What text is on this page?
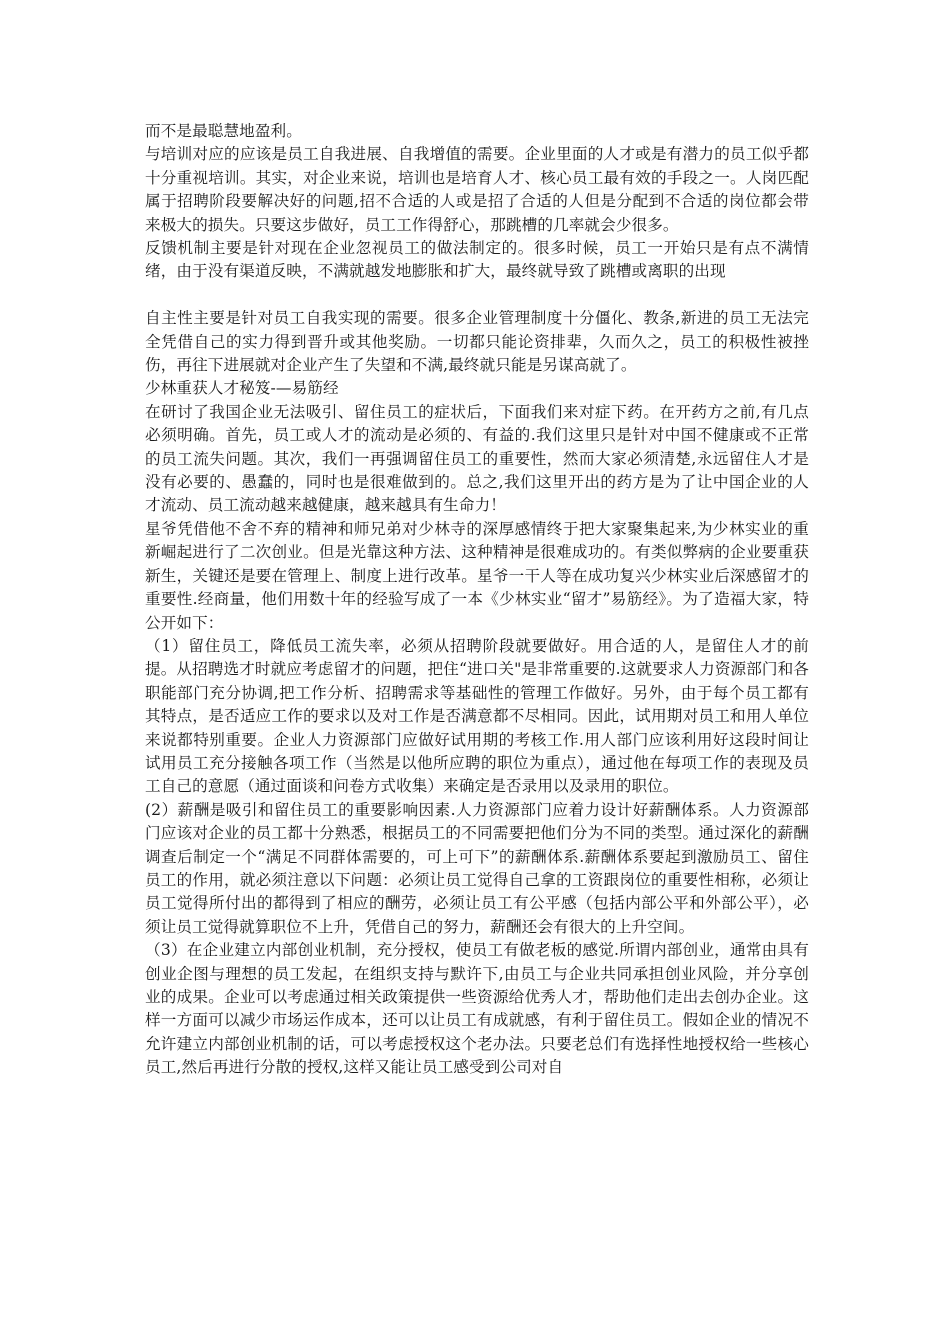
而不是最聪慧地盈利。

与培训对应的应该是员工自我进展、自我增值的需要。企业里面的人才或是有潜力的员工似乎都十分重视培训。其实，对企业来说，培训也是培育人才、核心员工最有效的手段之一。人岗匹配属于招聘阶段要解决好的问题,招不合适的人或是招了合适的人但是分配到不合适的岗位都会带来极大的损失。只要这步做好，员工工作得舒心，那跳槽的几率就会少很多。

反馈机制主要是针对现在企业忽视员工的做法制定的。很多时候，员工一开始只是有点不满情绪，由于没有渠道反映，不满就越发地膨胀和扩大，最终就导致了跳槽或离职的出现

自主性主要是针对员工自我实现的需要。很多企业管理制度十分僵化、教条,新进的员工无法完全凭借自己的实力得到晋升或其他奖励。一切都只能论资排辈，久而久之，员工的积极性被挫伤，再往下进展就对企业产生了失望和不满,最终就只能是另谋高就了。

少林重获人才秘笈-—易筋经

在研讨了我国企业无法吸引、留住员工的症状后，下面我们来对症下药。在开药方之前,有几点必须明确。首先，员工或人才的流动是必须的、有益的.我们这里只是针对中国不健康或不正常的员工流失问题。其次，我们一再强调留住员工的重要性，然而大家必须清楚,永远留住人才是没有必要的、愚蠢的，同时也是很难做到的。总之,我们这里开出的药方是为了让中国企业的人才流动、员工流动越来越健康，越来越具有生命力！

星爷凭借他不舍不弃的精神和师兄弟对少林寺的深厚感情终于把大家聚集起来,为少林实业的重新崛起进行了二次创业。但是光靠这种方法、这种精神是很难成功的。有类似弊病的企业要重获新生，关键还是要在管理上、制度上进行改革。星爷一干人等在成功复兴少林实业后深感留才的重要性.经商量，他们用数十年的经验写成了一本《少林实业“留才”易筋经》。为了造福大家，特公开如下：

（1）留住员工，降低员工流失率，必须从招聘阶段就要做好。用合适的人，是留住人才的前提。从招聘选才时就应考虑留才的问题，把住“进口关"是非常重要的.这就要求人力资源部门和各职能部门充分协调,把工作分析、招聘需求等基础性的管理工作做好。另外，由于每个员工都有其特点，是否适应工作的要求以及对工作是否满意都不尽相同。因此，试用期对员工和用人单位来说都特别重要。企业人力资源部门应做好试用期的考核工作.用人部门应该利用好这段时间让试用员工充分接触各项工作（当然是以他所应聘的职位为重点），通过他在每项工作的表现及员工自己的意愿（通过面谈和问卷方式收集）来确定是否录用以及录用的职位。

(2）薪酬是吸引和留住员工的重要影响因素.人力资源部门应着力设计好薪酬体系。人力资源部门应该对企业的员工都十分熟悉，根据员工的不同需要把他们分为不同的类型。通过深化的薪酬调查后制定一个“满足不同群体需要的，可上可下”的薪酬体系.薪酬体系要起到激励员工、留住员工的作用，就必须注意以下问题：必须让员工觉得自己拿的工资跟岗位的重要性相称，必须让员工觉得所付出的都得到了相应的酬劳，必须让员工有公平感（包括内部公平和外部公平），必须让员工觉得就算职位不上升，凭借自己的努力，薪酬还会有很大的上升空间。

（3）在企业建立内部创业机制，充分授权，使员工有做老板的感觉.所谓内部创业，通常由具有创业企图与理想的员工发起，在组织支持与默许下,由员工与企业共同承担创业风险，并分享创业的成果。企业可以考虑通过相关政策提供一些资源给优秀人才，帮助他们走出去创办企业。这样一方面可以减少市场运作成本，还可以让员工有成就感，有利于留住员工。假如企业的情况不允许建立内部创业机制的话，可以考虑授权这个老办法。只要老总们有选择性地授权给一些核心员工,然后再进行分散的授权,这样又能让员工感受到公司对自
